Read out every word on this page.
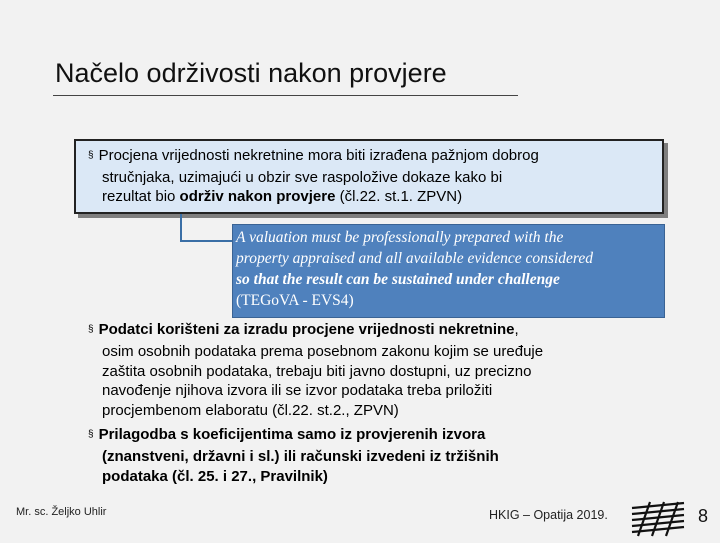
Načelo održivosti nakon provjere
§ Procjena vrijednosti nekretnine mora biti izrađena pažnjom dobrog
stručnjaka, uzimajući u obzir sve raspoložive dokaze kako bi
rezultat bio održiv nakon provjere (čl.22. st.1. ZPVN)
A valuation must be professionally prepared with the
property appraised and all available evidence considered
so that the result can be sustained under challenge
(TEGoVA - EVS4)
§ Podatci korišteni za izradu procjene vrijednosti nekretnine,
osim osobnih podataka prema posebnom zakonu kojim se uređuje
zaštita osobnih podataka, trebaju biti javno dostupni, uz precizno
navođenje njihova izvora ili se izvor podataka treba priložiti
procjembenom elaboratu (čl.22. st.2., ZPVN)
§ Prilagodba s koeficijentima samo iz provjerenih izvora
(znanstveni, državni i sl.) ili računski izvedeni iz tržišnih
podataka (čl. 25. i 27., Pravilnik)
Mr. sc. Željko Uhlir	HKIG – Opatija 2019.	8
